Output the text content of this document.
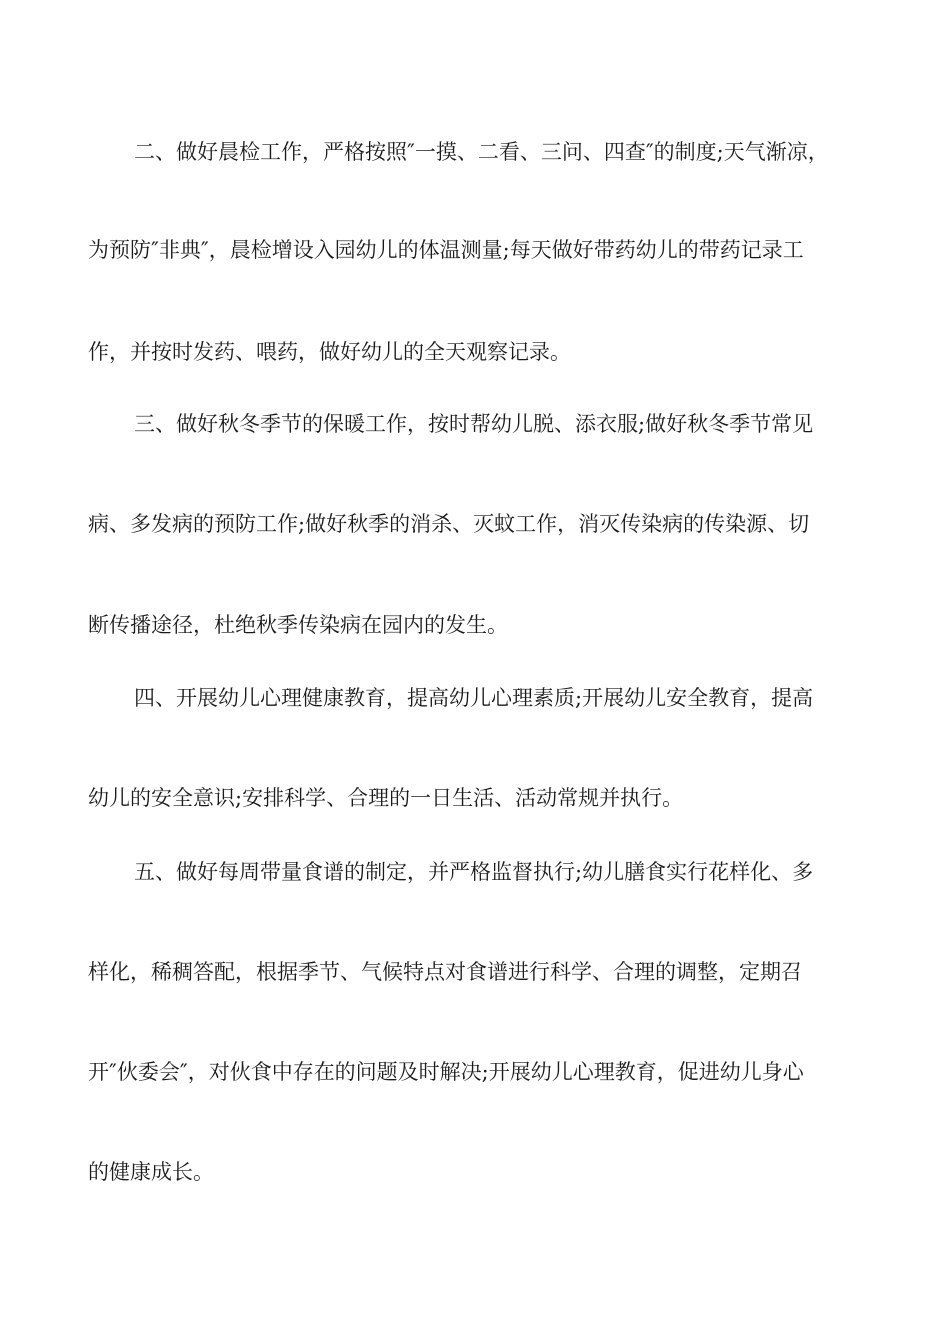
二、做好晨检工作，严格按照″一摸、二看、三问、四查″的制度;天气渐凉，
为预防″非典″，晨检增设入园幼儿的体温测量;每天做好带药幼儿的带药记录工
作，并按时发药、喂药，做好幼儿的全天观察记录。
三、做好秋冬季节的保暖工作，按时帮幼儿脱、添衣服;做好秋冬季节常见
病、多发病的预防工作;做好秋季的消杀、灭蚊工作，消灭传染病的传染源、切
断传播途径，杜绝秋季传染病在园内的发生。
四、开展幼儿心理健康教育，提高幼儿心理素质;开展幼儿安全教育，提高
幼儿的安全意识;安排科学、合理的一日生活、活动常规并执行。
五、做好每周带量食谱的制定，并严格监督执行;幼儿膳食实行花样化、多
样化，稀稠答配，根据季节、气候特点对食谱进行科学、合理的调整，定期召
开″伙委会″，对伙食中存在的问题及时解决;开展幼儿心理教育，促进幼儿身心
的健康成长。
